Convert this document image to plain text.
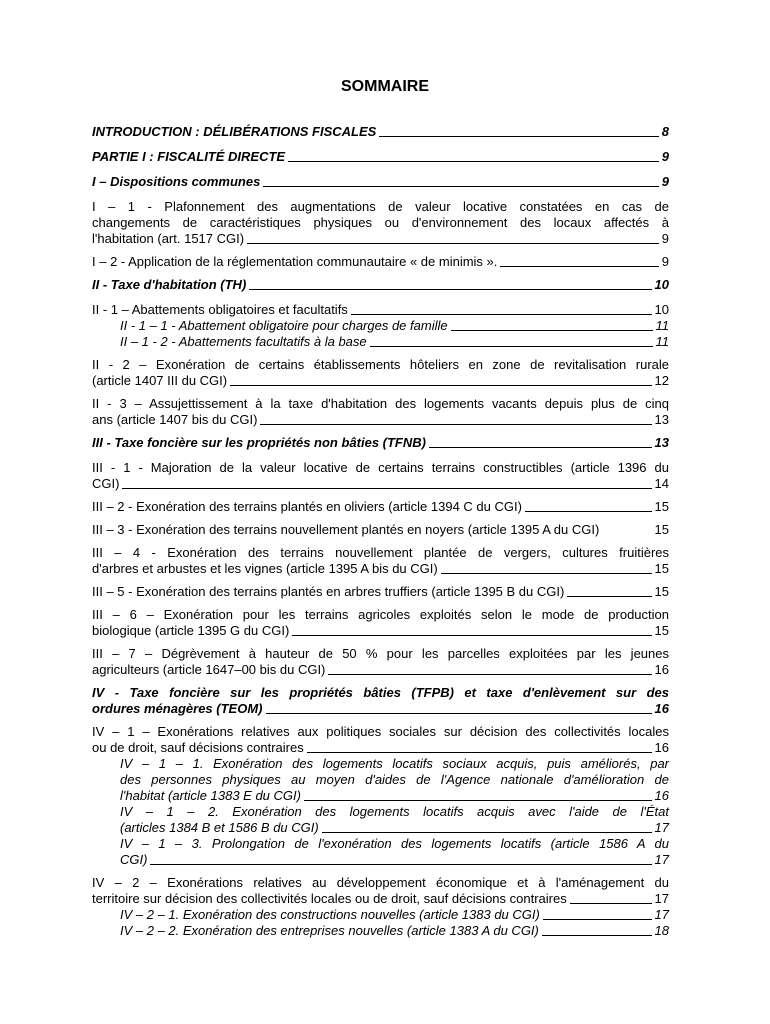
SOMMAIRE
INTRODUCTION : DÉLIBÉRATIONS FISCALES	8
PARTIE I : FISCALITÉ DIRECTE	9
I – Dispositions communes	9
I – 1 - Plafonnement des augmentations de valeur locative constatées en cas de
changements de caractéristiques physiques ou d'environnement des locaux affectés à
l'habitation (art. 1517 CGI)	9
I – 2 - Application de la réglementation communautaire « de minimis ».	9
II - Taxe d'habitation (TH)	10
II - 1 – Abattements obligatoires et facultatifs	10
II - 1 – 1 - Abattement obligatoire pour charges de famille	11
II – 1 - 2 - Abattements facultatifs à la base	11
II - 2 – Exonération de certains établissements hôteliers en zone de revitalisation rurale
(article 1407 III du CGI)	12
II - 3 – Assujettissement à la taxe d'habitation des logements vacants depuis plus de cinq
ans (article 1407 bis du CGI)	13
III - Taxe foncière sur les propriétés non bâties (TFNB)	13
III - 1 - Majoration de la valeur locative de certains terrains constructibles (article 1396 du
CGI)	14
III – 2 - Exonération des terrains plantés en oliviers (article 1394 C du CGI)	15
III – 3 - Exonération des terrains nouvellement plantés en noyers (article 1395 A du CGI)	15
III – 4 - Exonération des terrains nouvellement plantée de vergers, cultures fruitières
d'arbres et arbustes et les vignes (article 1395 A bis du CGI)	15
III – 5 - Exonération des terrains plantés en arbres truffiers (article 1395 B du CGI)	15
III – 6 – Exonération pour les terrains agricoles exploités selon le mode de production
biologique (article 1395 G du CGI)	15
III – 7 – Dégrèvement à hauteur de 50 % pour les parcelles exploitées par les jeunes
agriculteurs (article 1647–00 bis du CGI)	16
IV - Taxe foncière sur les propriétés bâties (TFPB) et taxe d'enlèvement sur des
ordures ménagères (TEOM)	16
IV – 1 – Exonérations relatives aux politiques sociales sur décision des collectivités locales
ou de droit, sauf décisions contraires	16
IV – 1 – 1. Exonération des logements locatifs sociaux acquis, puis améliorés, par
des personnes physiques au moyen d'aides de l'Agence nationale d'amélioration de
l'habitat (article 1383 E du CGI)	16
IV – 1 – 2. Exonération des logements locatifs acquis avec l'aide de l'État
(articles 1384 B et 1586 B du CGI)	17
IV – 1 – 3. Prolongation de l'exonération des logements locatifs (article 1586 A du
CGI)	17
IV – 2 – Exonérations relatives au développement économique et à l'aménagement du
territoire sur décision des collectivités locales ou de droit, sauf décisions contraires	17
IV – 2 – 1. Exonération des constructions nouvelles (article 1383 du CGI)	17
IV – 2 – 2. Exonération des entreprises nouvelles (article 1383 A du CGI)	18
